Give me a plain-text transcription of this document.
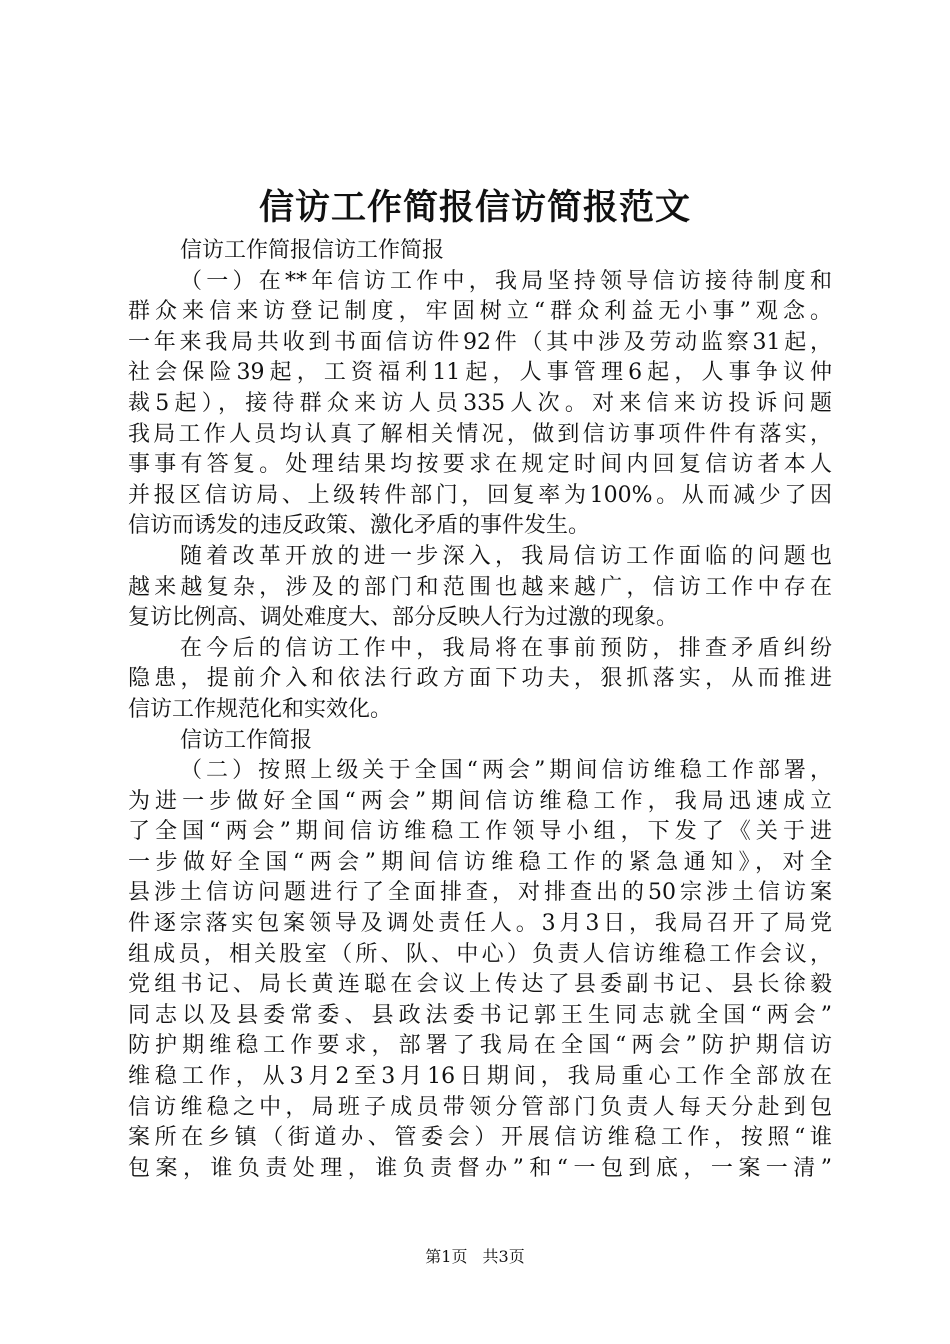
信访工作简报信访简报范文
信访工作简报信访工作简报
（一）在**年信访工作中，我局坚持领导信访接待制度和
群众来信来访登记制度，牢固树立“群众利益无小事”观念。
一年来我局共收到书面信访件92件（其中涉及劳动监察31起，
社会保险39起，工资福利11起，人事管理6起，人事争议仲
裁5起），接待群众来访人员335人次。对来信来访投诉问题
我局工作人员均认真了解相关情况，做到信访事项件件有落实，
事事有答复。处理结果均按要求在规定时间内回复信访者本人
并报区信访局、上级转件部门，回复率为100%。从而减少了因
信访而诱发的违反政策、激化矛盾的事件发生。
随着改革开放的进一步深入，我局信访工作面临的问题也
越来越复杂，涉及的部门和范围也越来越广，信访工作中存在
复访比例高、调处难度大、部分反映人行为过激的现象。
在今后的信访工作中，我局将在事前预防，排查矛盾纠纷
隐患，提前介入和依法行政方面下功夫，狠抓落实，从而推进
信访工作规范化和实效化。
信访工作简报
（二）按照上级关于全国“两会”期间信访维稳工作部署，
为进一步做好全国“两会”期间信访维稳工作，我局迅速成立
了全国“两会”期间信访维稳工作领导小组，下发了《关于进
一步做好全国“两会”期间信访维稳工作的紧急通知》，对全
县涉土信访问题进行了全面排查，对排查出的50宗涉土信访案
件逐宗落实包案领导及调处责任人。3月3日，我局召开了局党
组成员，相关股室（所、队、中心）负责人信访维稳工作会议，
党组书记、局长黄连聪在会议上传达了县委副书记、县长徐毅
同志以及县委常委、县政法委书记郭王生同志就全国“两会”
防护期维稳工作要求，部署了我局在全国“两会”防护期信访
维稳工作，从3月2至3月16日期间，我局重心工作全部放在
信访维稳之中，局班子成员带领分管部门负责人每天分赴到包
案所在乡镇（街道办、管委会）开展信访维稳工作，按照“谁
包案，谁负责处理，谁负责督办”和“一包到底，一案一清”
第1页 共3页
